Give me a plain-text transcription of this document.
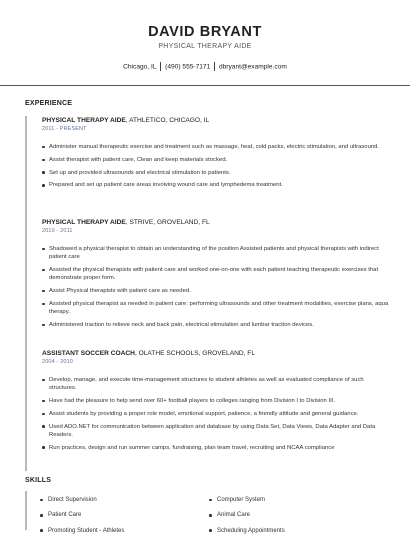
DAVID BRYANT
PHYSICAL THERAPY AIDE
Chicago, IL (490) 555-7171 dbryant@example.com
EXPERIENCE
PHYSICAL THERAPY AIDE, ATHLETICO, CHICAGO, IL
2011 - PRESENT
Administer manual therapeutic exercise and treatment such as massage, heat, cold packs, electric stimulation, and ultrasound.
Assist therapist with patient care, Clean and keep materials stocked.
Set up and provided ultrasounds and electrical stimulation to patients.
Prepared and set up patient care areas involving wound care and lymphedema treatment.
PHYSICAL THERAPY AIDE, STRIVE, GROVELAND, FL
2010 - 2011
Shadowed a physical therapist to obtain an understanding of the position Assisted patients and physical therapists with indirect patient care
Assisted the physical therapists with patient care and worked one-on-one with each patient teaching therapeutic exercises that demonstrate proper form.
Assist Physical therapists with patient care as needed.
Assisted physical therapist as needed in patient care: performing ultrasounds and other treatment modalities, exercise plans, aqua therapy.
Administered traction to relieve neck and back pain, electrical stimulation and lumbar traction devices.
ASSISTANT SOCCER COACH, OLATHE SCHOOLS, GROVELAND, FL
2004 - 2010
Develop, manage, and execute time-management structures to student athletes as well as evaluated compliance of such structures.
Have had the pleasure to help send over 60+ football players to colleges ranging from Division I to Division III.
Assist students by providing a proper role model, emotional support, patience, a friendly attitude and general guidance.
Used ADO.NET for communication between application and database by using Data Set, Data Views, Data Adapter and Data Readers.
Run practices, design and run summer camps, fundraising, plan team travel, recruiting and NCAA compliance
SKILLS
Direct Supervision
Patient Care
Promoting Student - Athletes
Computer System
Animal Care
Scheduling Appointments
